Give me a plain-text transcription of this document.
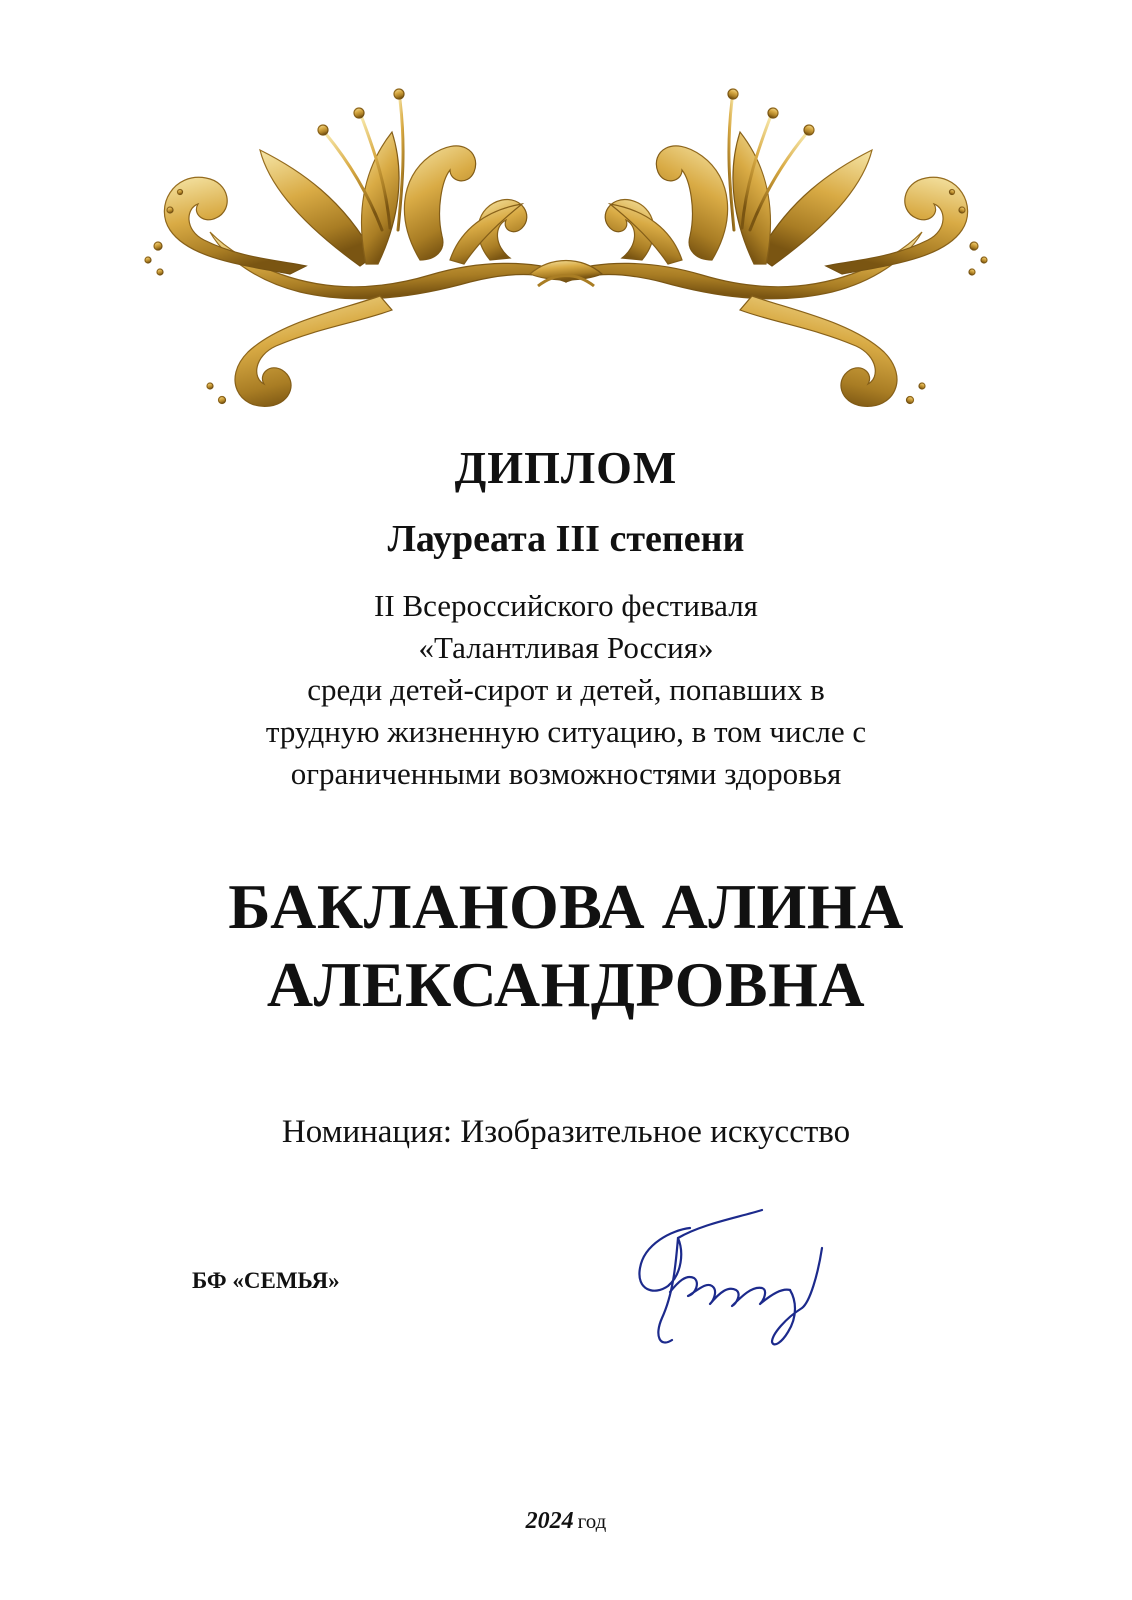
ДИПЛОМ
Лауреата III степени
II Всероссийского фестиваля
«Талантливая Россия»
среди детей-сирот и детей, попавших в
трудную жизненную ситуацию, в том числе с
ограниченными возможностями здоровья
БАКЛАНОВА АЛИНА
АЛЕКСАНДРОВНА
Номинация: Изобразительное искусство
БФ «СЕМЬЯ»
2024 год
